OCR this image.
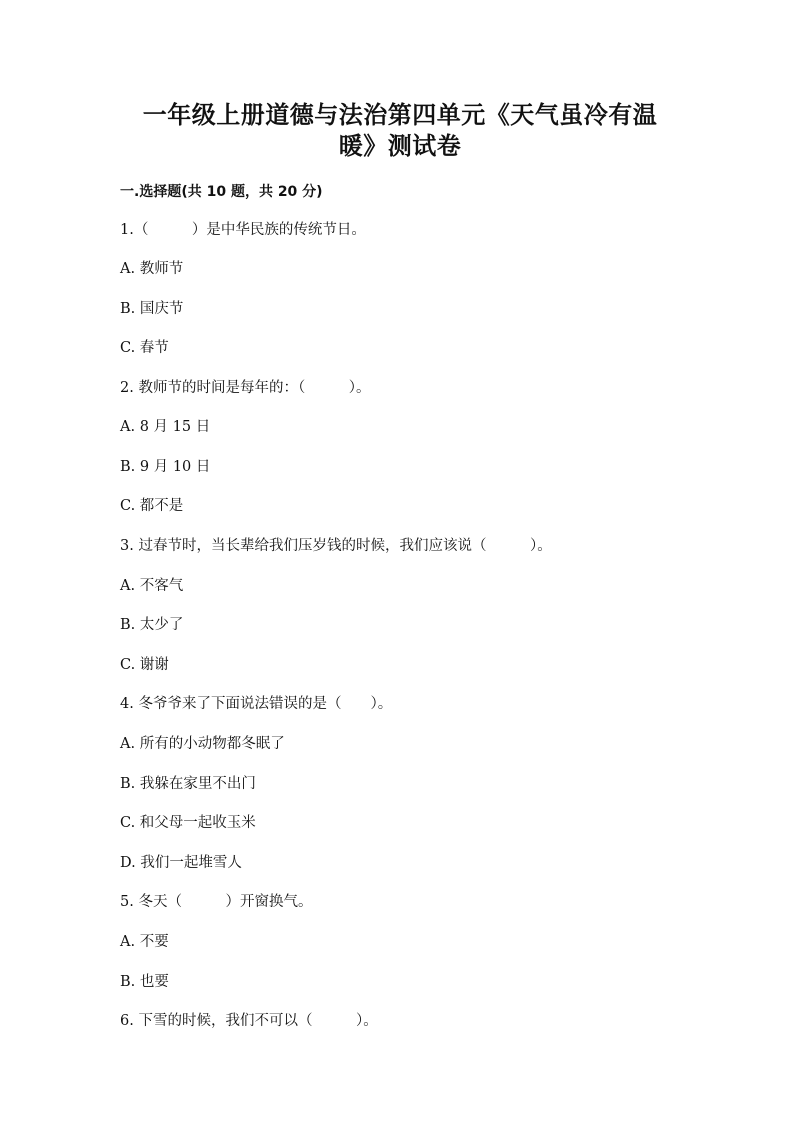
一年级上册道德与法治第四单元《天气虽冷有温
暖》测试卷
一.选择题(共 10 题，共 20 分)
1.（　　　）是中华民族的传统节日。
A. 教师节
B. 国庆节
C. 春节
2. 教师节的时间是每年的：（　　　）。
A. 8 月 15 日
B. 9 月 10 日
C. 都不是
3. 过春节时，当长辈给我们压岁钱的时候，我们应该说（　　　）。
A. 不客气
B. 太少了
C. 谢谢
4. 冬爷爷来了下面说法错误的是（　　）。
A. 所有的小动物都冬眠了
B. 我躲在家里不出门
C. 和父母一起收玉米
D. 我们一起堆雪人
5. 冬天（　　　）开窗换气。
A. 不要
B. 也要
6. 下雪的时候，我们不可以（　　　）。
